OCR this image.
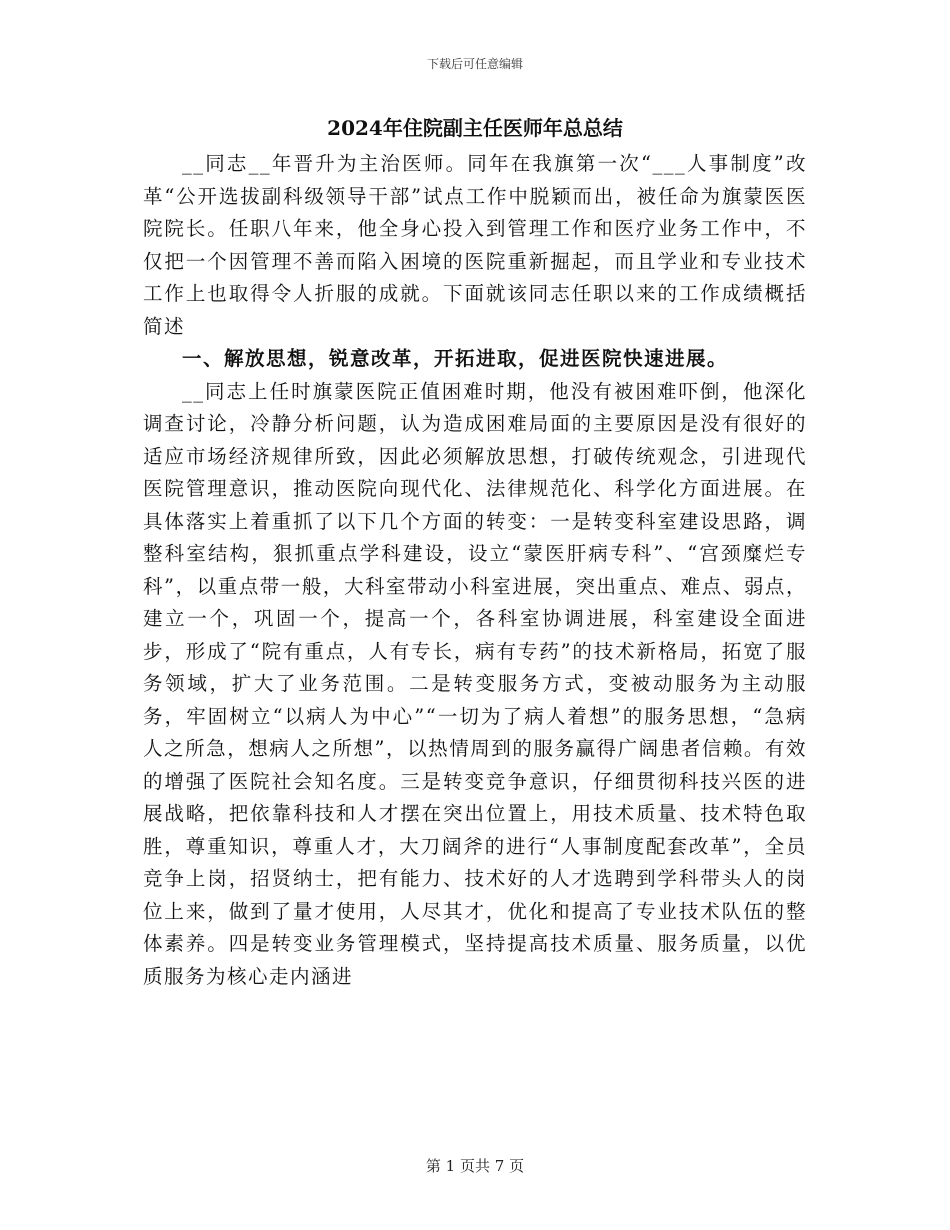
下载后可任意编辑
2024年住院副主任医师年总总结

__同志__年晋升为主治医师。同年在我旗第一次“___人事制度”改革“公开选拔副科级领导干部”试点工作中脱颖而出，被任命为旗蒙医医院院长。任职八年来，他全身心投入到管理工作和医疗业务工作中，不仅把一个因管理不善而陷入困境的医院重新掘起，而且学业和专业技术工作上也取得令人折服的成就。下面就该同志任职以来的工作成绩概括简述

一、解放思想，锐意改革，开拓进取，促进医院快速进展。

__同志上任时旗蒙医院正值困难时期，他没有被困难吓倒，他深化调查讨论，冷静分析问题，认为造成困难局面的主要原因是没有很好的适应市场经济规律所致，因此必须解放思想，打破传统观念，引进现代医院管理意识，推动医院向现代化、法律规范化、科学化方面进展。在具体落实上着重抓了以下几个方面的转变：一是转变科室建设思路，调整科室结构，狠抓重点学科建设，设立“蒙医肝病专科”、“宫颈糜烂专科”，以重点带一般，大科室带动小科室进展，突出重点、难点、弱点，建立一个，巩固一个，提高一个，各科室协调进展，科室建设全面进步，形成了“院有重点，人有专长，病有专药”的技术新格局，拓宽了服务领域，扩大了业务范围。二是转变服务方式，变被动服务为主动服务，牢固树立“以病人为中心”“一切为了病人着想”的服务思想，“急病人之所急，想病人之所想”，以热情周到的服务赢得广阔患者信赖。有效的增强了医院社会知名度。三是转变竞争意识，仔细贯彻科技兴医的进展战略，把依靠科技和人才摆在突出位置上，用技术质量、技术特色取胜，尊重知识，尊重人才，大刀阔斧的进行“人事制度配套改革”，全员竞争上岗，招贤纳士，把有能力、技术好的人才选聘到学科带头人的岗位上来，做到了量才使用，人尽其才，优化和提高了专业技术队伍的整体素养。四是转变业务管理模式，坚持提高技术质量、服务质量，以优质服务为核心走内涵进

第 1 页共 7 页
